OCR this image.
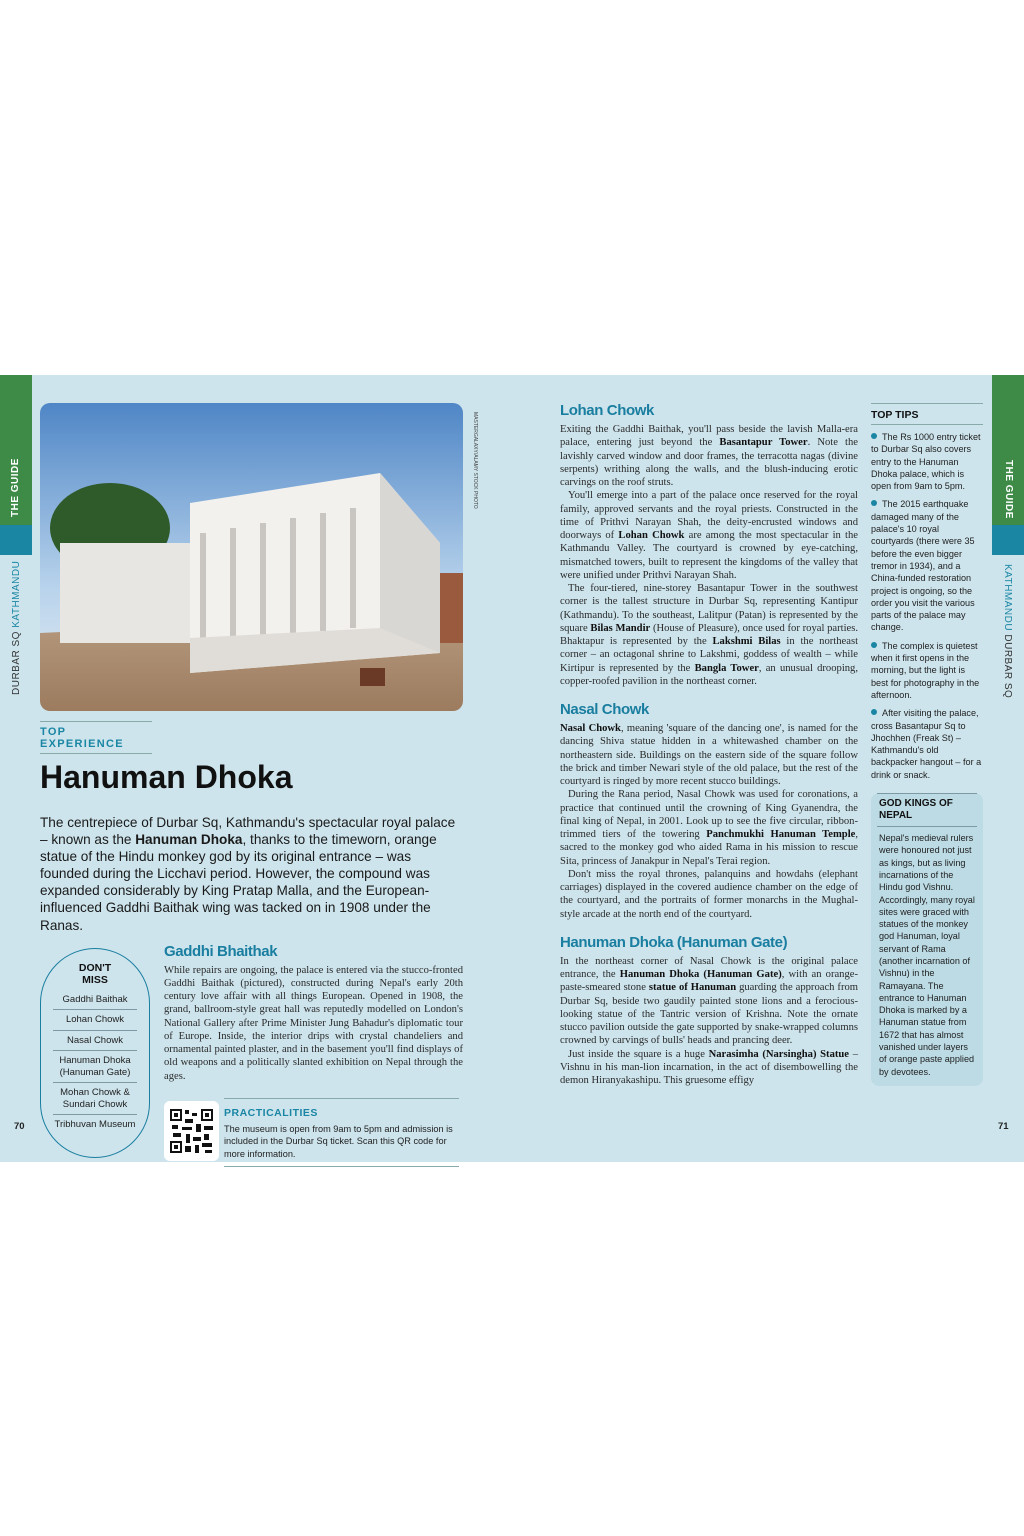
THE GUIDE
DURBAR SQ KATHMANDU
THE GUIDE
KATHMANDU DURBAR SQ
MASTERGALAXY/ALAMY STOCK PHOTO
TOP EXPERIENCE
Hanuman Dhoka
The centrepiece of Durbar Sq, Kathmandu's spectacular royal palace – known as the Hanuman Dhoka, thanks to the timeworn, orange statue of the Hindu monkey god by its original entrance – was founded during the Licchavi period. However, the compound was expanded considerably by King Pratap Malla, and the European-influenced Gaddhi Baithak wing was tacked on in 1908 under the Ranas.
DON'T MISS
Gaddhi Baithak
Lohan Chowk
Nasal Chowk
Hanuman Dhoka (Hanuman Gate)
Mohan Chowk & Sundari Chowk
Tribhuvan Museum
Gaddhi Bhaithak

While repairs are ongoing, the palace is entered via the stucco-fronted Gaddhi Baithak (pictured), constructed during Nepal's early 20th century love affair with all things European. Opened in 1908, the grand, ballroom-style great hall was reputedly modelled on London's National Gallery after Prime Minister Jung Bahadur's diplomatic tour of Europe. Inside, the interior drips with crystal chandeliers and ornamental painted plaster, and in the basement you'll find displays of old weapons and a politically slanted exhibition on Nepal through the ages.

PRACTICALITIES
The museum is open from 9am to 5pm and admission is included in the Durbar Sq ticket. Scan this QR code for more information.
70
Lohan Chowk

Exiting the Gaddhi Baithak, you'll pass beside the lavish Malla-era palace, entering just beyond the Basantapur Tower. Note the lavishly carved window and door frames, the terracotta nagas (divine serpents) writhing along the walls, and the blush-inducing erotic carvings on the roof struts.

You'll emerge into a part of the palace once reserved for the royal family, approved servants and the royal priests. Constructed in the time of Prithvi Narayan Shah, the deity-encrusted windows and doorways of Lohan Chowk are among the most spectacular in the Kathmandu Valley. The courtyard is crowned by eye-catching, mismatched towers, built to represent the kingdoms of the valley that were unified under Prithvi Narayan Shah.

The four-tiered, nine-storey Basantapur Tower in the southwest corner is the tallest structure in Durbar Sq, representing Kantipur (Kathmandu). To the southeast, Lalitpur (Patan) is represented by the square Bilas Mandir (House of Pleasure), once used for royal parties. Bhaktapur is represented by the Lakshmi Bilas in the northeast corner – an octagonal shrine to Lakshmi, goddess of wealth – while Kirtipur is represented by the Bangla Tower, an unusual drooping, copper-roofed pavilion in the northeast corner.

Nasal Chowk

Nasal Chowk, meaning 'square of the dancing one', is named for the dancing Shiva statue hidden in a whitewashed chamber on the northeastern side. Buildings on the eastern side of the square follow the brick and timber Newari style of the old palace, but the rest of the courtyard is ringed by more recent stucco buildings.

During the Rana period, Nasal Chowk was used for coronations, a practice that continued until the crowning of King Gyanendra, the final king of Nepal, in 2001. Look up to see the five circular, ribbon-trimmed tiers of the towering Panchmukhi Hanuman Temple, sacred to the monkey god who aided Rama in his mission to rescue Sita, princess of Janakpur in Nepal's Terai region.

Don't miss the royal thrones, palanquins and howdahs (elephant carriages) displayed in the covered audience chamber on the edge of the courtyard, and the portraits of former monarchs in the Mughal-style arcade at the north end of the courtyard.

Hanuman Dhoka (Hanuman Gate)

In the northeast corner of Nasal Chowk is the original palace entrance, the Hanuman Dhoka (Hanuman Gate), with an orange-paste-smeared stone statue of Hanuman guarding the approach from Durbar Sq, beside two gaudily painted stone lions and a ferocious-looking statue of the Tantric version of Krishna. Note the ornate stucco pavilion outside the gate supported by snake-wrapped columns crowned by carvings of bulls' heads and prancing deer.

Just inside the square is a huge Narasimha (Narsingha) Statue – Vishnu in his man-lion incarnation, in the act of disembowelling the demon Hiranyakashipu. This gruesome effigy

TOP TIPS
The Rs 1000 entry ticket to Durbar Sq also covers entry to the Hanuman Dhoka palace, which is open from 9am to 5pm.
The 2015 earthquake damaged many of the palace's 10 royal courtyards (there were 35 before the even bigger tremor in 1934), and a China-funded restoration project is ongoing, so the order you visit the various parts of the palace may change.
The complex is quietest when it first opens in the morning, but the light is best for photography in the afternoon.
After visiting the palace, cross Basantapur Sq to Jhochhen (Freak St) – Kathmandu's old backpacker hangout – for a drink or snack.
GOD KINGS OF NEPAL
Nepal's medieval rulers were honoured not just as kings, but as living incarnations of the Hindu god Vishnu. Accordingly, many royal sites were graced with statues of the monkey god Hanuman, loyal servant of Rama (another incarnation of Vishnu) in the Ramayana. The entrance to Hanuman Dhoka is marked by a Hanuman statue from 1672 that has almost vanished under layers of orange paste applied by devotees.
71
